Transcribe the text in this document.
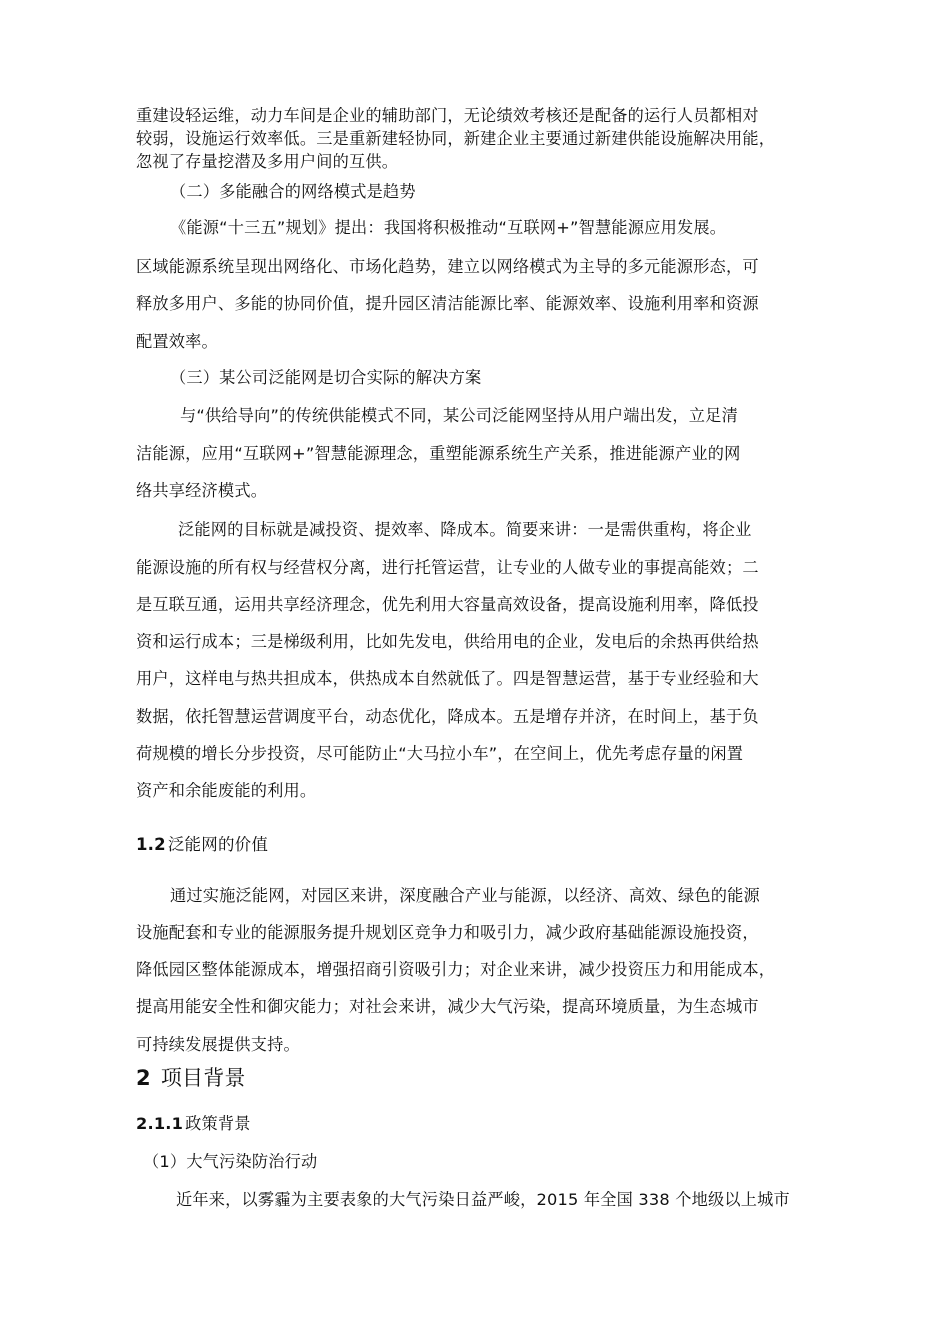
重建设轻运维，动力车间是企业的辅助部门，无论绩效考核还是配备的运行人员都相对
较弱，设施运行效率低。三是重新建轻协同，新建企业主要通过新建供能设施解决用能，
忽视了存量挖潜及多用户间的互供。
（二）多能融合的网络模式是趋势
《能源“十三五”规划》提出：我国将积极推动“互联网+”智慧能源应用发展。
区域能源系统呈现出网络化、市场化趋势，建立以网络模式为主导的多元能源形态，可
释放多用户、多能的协同价值，提升园区清洁能源比率、能源效率、设施利用率和资源
配置效率。
（三）某公司泛能网是切合实际的解决方案
与“供给导向”的传统供能模式不同，某公司泛能网坚持从用户端出发，立足清
洁能源，应用“互联网+”智慧能源理念，重塑能源系统生产关系，推进能源产业的网
络共享经济模式。
泛能网的目标就是减投资、提效率、降成本。简要来讲：一是需供重构，将企业
能源设施的所有权与经营权分离，进行托管运营，让专业的人做专业的事提高能效；二
是互联互通，运用共享经济理念，优先利用大容量高效设备，提高设施利用率，降低投
资和运行成本；三是梯级利用，比如先发电，供给用电的企业，发电后的余热再供给热
用户，这样电与热共担成本，供热成本自然就低了。四是智慧运营，基于专业经验和大
数据，依托智慧运营调度平台，动态优化，降成本。五是增存并济，在时间上，基于负
荷规模的增长分步投资，尽可能防止“大马拉小车”，在空间上，优先考虑存量的闲置
资产和余能废能的利用。
1.2 泛能网的价值
通过实施泛能网，对园区来讲，深度融合产业与能源，以经济、高效、绿色的能源
设施配套和专业的能源服务提升规划区竞争力和吸引力，减少政府基础能源设施投资，
降低园区整体能源成本，增强招商引资吸引力；对企业来讲，减少投资压力和用能成本，
提高用能安全性和御灾能力；对社会来讲，减少大气污染，提高环境质量，为生态城市
可持续发展提供支持。
2 项目背景
2.1.1 政策背景
（1）大气污染防治行动
近年来，以雾霾为主要表象的大气污染日益严峻，2015 年全国 338 个地级以上城市
